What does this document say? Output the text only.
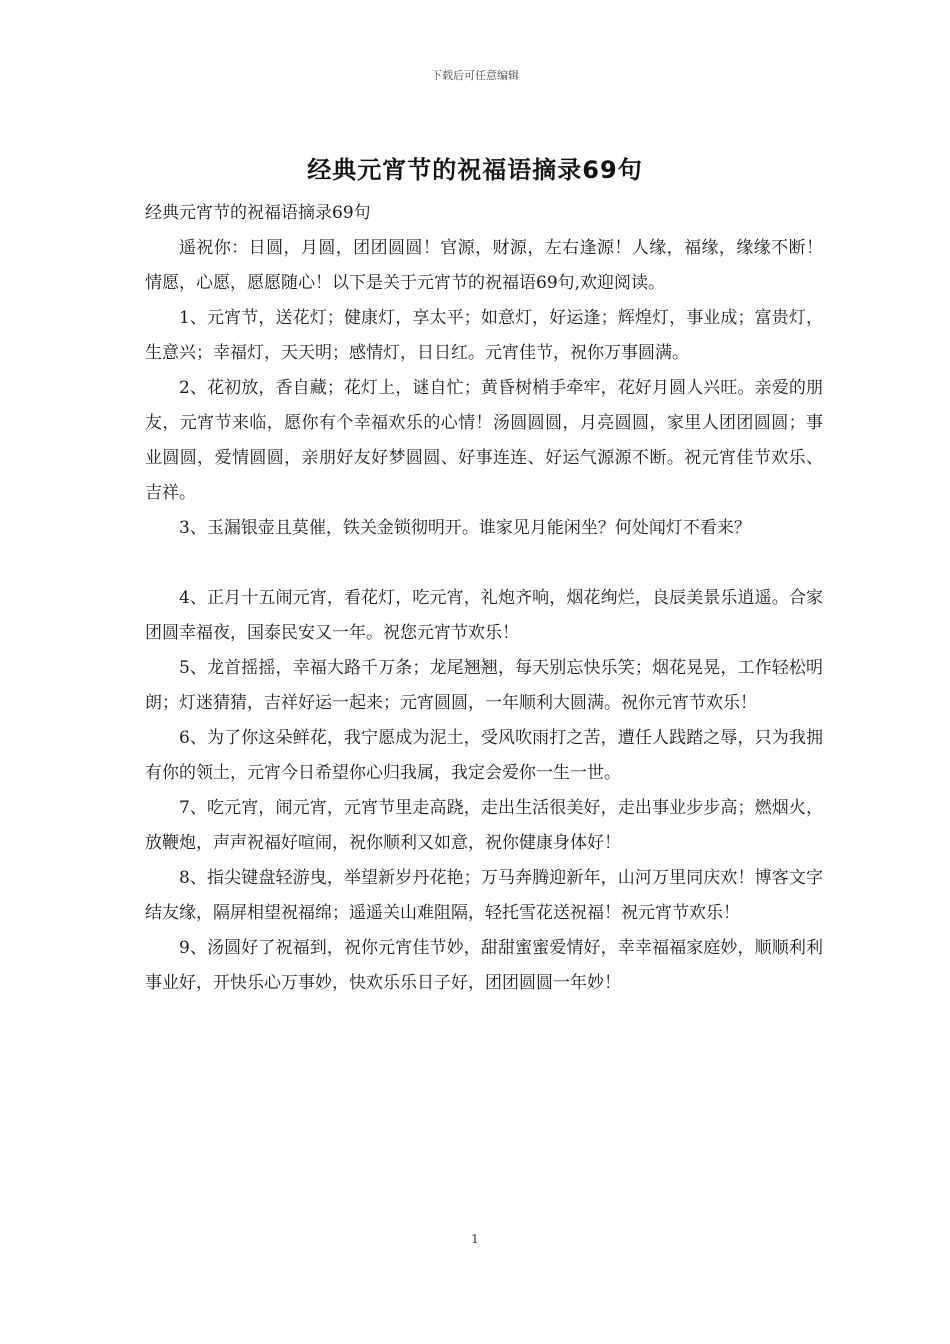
下载后可任意编辑
经典元宵节的祝福语摘录69句

经典元宵节的祝福语摘录69句

遥祝你：日圆，月圆，团团圆圆！官源，财源，左右逢源！人缘，福缘，缘缘不断！情愿，心愿，愿愿随心！以下是关于元宵节的祝福语69句,欢迎阅读。

1、元宵节，送花灯；健康灯，享太平；如意灯，好运逢；辉煌灯，事业成；富贵灯，生意兴；幸福灯，天天明；感情灯，日日红。元宵佳节，祝你万事圆满。

2、花初放，香自藏；花灯上，谜自忙；黄昏树梢手牵牢，花好月圆人兴旺。亲爱的朋友，元宵节来临，愿你有个幸福欢乐的心情！汤圆圆圆，月亮圆圆，家里人团团圆圆；事业圆圆，爱情圆圆，亲朋好友好梦圆圆、好事连连、好运气源源不断。祝元宵佳节欢乐、吉祥。

3、玉漏银壶且莫催，铁关金锁彻明开。谁家见月能闲坐？何处闻灯不看来？

4、正月十五闹元宵，看花灯，吃元宵，礼炮齐响，烟花绚烂，良辰美景乐逍遥。合家团圆幸福夜，国泰民安又一年。祝您元宵节欢乐！

5、龙首摇摇，幸福大路千万条；龙尾翘翘，每天别忘快乐笑；烟花晃晃，工作轻松明朗；灯迷猜猜，吉祥好运一起来；元宵圆圆，一年顺利大圆满。祝你元宵节欢乐！

6、为了你这朵鲜花，我宁愿成为泥土，受风吹雨打之苦，遭任人践踏之辱，只为我拥有你的领土，元宵今日希望你心归我属，我定会爱你一生一世。

7、吃元宵，闹元宵，元宵节里走高跷，走出生活很美好，走出事业步步高；燃烟火，放鞭炮，声声祝福好喧闹，祝你顺利又如意，祝你健康身体好！

8、指尖键盘轻游曳，举望新岁丹花艳；万马奔腾迎新年，山河万里同庆欢！博客文字结友缘，隔屏相望祝福绵；遥遥关山难阻隔，轻托雪花送祝福！祝元宵节欢乐！

9、汤圆好了祝福到，祝你元宵佳节妙，甜甜蜜蜜爱情好，幸幸福福家庭妙，顺顺利利事业好，开快乐心万事妙，快欢乐乐日子好，团团圆圆一年妙！

1
